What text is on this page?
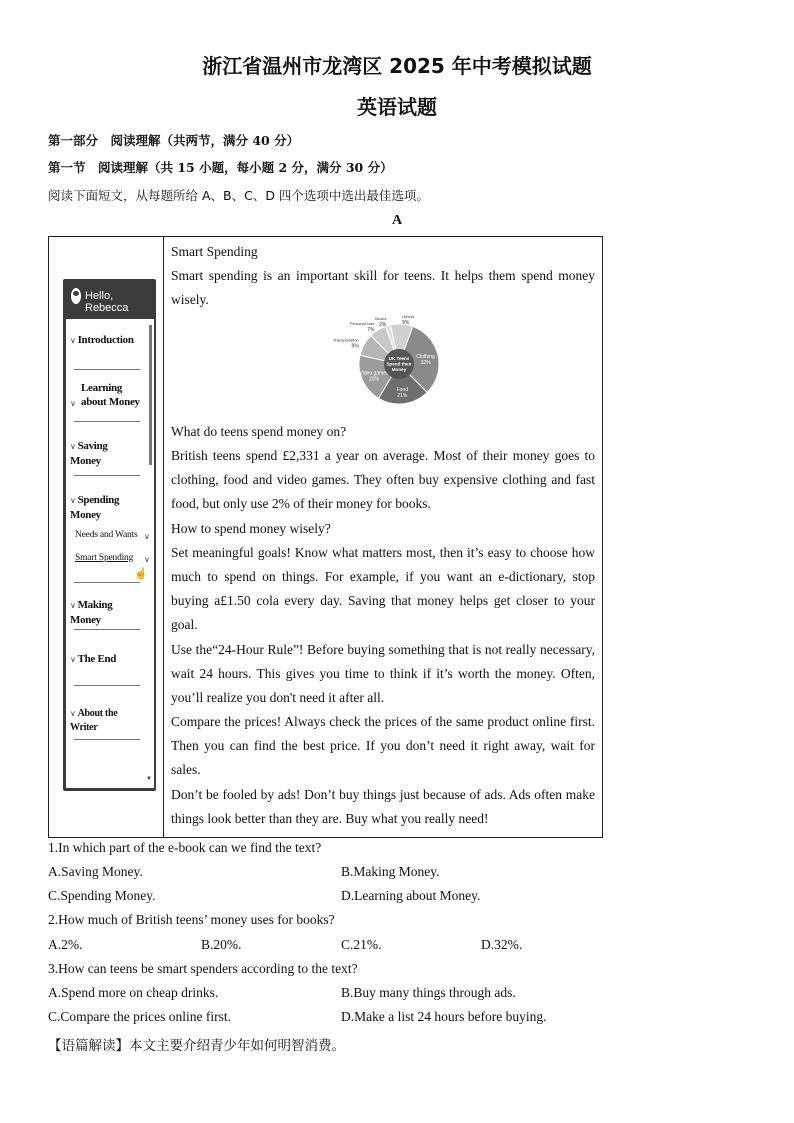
浙江省温州市龙湾区 2025 年中考模拟试题
英语试题
第一部分　阅读理解（共两节，满分 40 分）
第一节　阅读理解（共 15 小题，每小题 2 分，满分 30 分）
阅读下面短文，从每题所给 A、B、C、D 四个选项中选出最佳选项。
A
Hello, Rebecca
▼
∨ Introduction
∨
Learning about Money
∨ Saving Money
∨ Spending Money
Needs and Wants ∨
Smart Spending ∨
☝
∨ Making Money
∨ The End
∨ About the Writer
Smart Spending

Smart spending is an important skill for teens. It helps them spend money wisely.

Clothing
32%
Food
21%
Video games
20%
Transportation
9%
Personal care
7%
Books
2%
Others
9%
UK Teens
Spend their
Money
What do teens spend money on?

British teens spend £2,331 a year on average. Most of their money goes to clothing, food and video games. They often buy expensive clothing and fast food, but only use 2% of their money for books.

How to spend money wisely?

Set meaningful goals! Know what matters most, then it’s easy to choose how much to spend on things. For example, if you want an e-dictionary, stop buying a£1.50 cola every day. Saving that money helps get closer to your goal.

Use the“24-Hour Rule”! Before buying something that is not really necessary, wait 24 hours. This gives you time to think if it’s worth the money. Often, you’ll realize you don't need it after all.

Compare the prices! Always check the prices of the same product online first. Then you can find the best price. If you don’t need it right away, wait for sales.

Don’t be fooled by ads! Don’t buy things just because of ads. Ads often make things look better than they are. Buy what you really need!

1.In which part of the e-book can we find the text?
A.Saving Money.	B.Making Money.
C.Spending Money.	D.Learning about Money.
2.How much of British teens’ money uses for books?
A.2%.	B.20%.	C.21%.	D.32%.
3.How can teens be smart spenders according to the text?
A.Spend more on cheap drinks.	B.Buy many things through ads.
C.Compare the prices online first.	D.Make a list 24 hours before buying.
【语篇解读】本文主要介绍青少年如何明智消费。
